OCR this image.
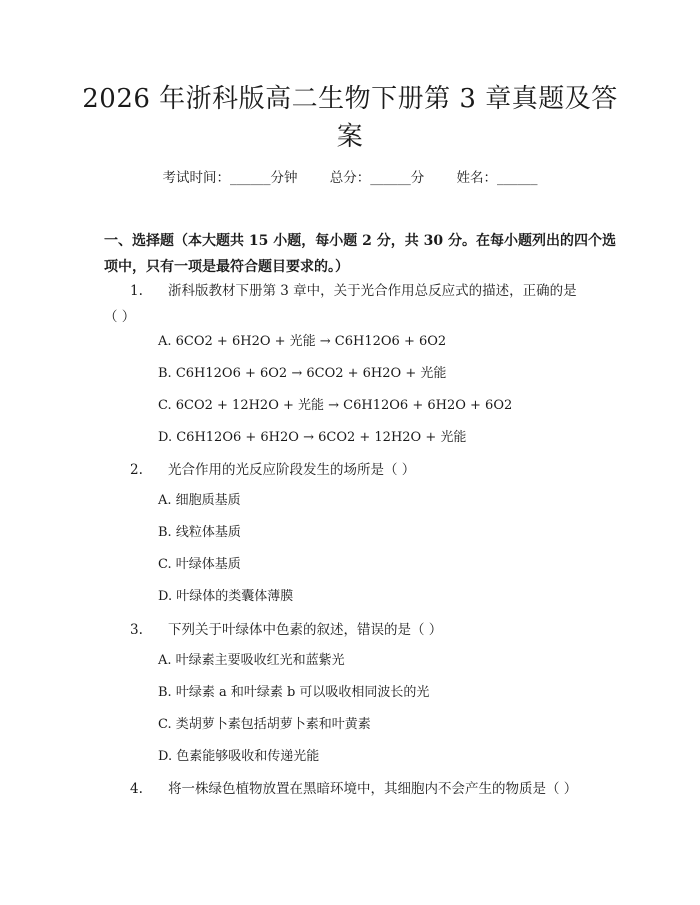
2026 年浙科版高二生物下册第 3 章真题及答
案
考试时间：______分钟 总分：______分 姓名：______
一、选择题（本大题共 15 小题，每小题 2 分，共 30 分。在每小题列出的四个选
项中，只有一项是最符合题目要求的。）
1. 浙科版教材下册第 3 章中，关于光合作用总反应式的描述，正确的是
（ ）
A. 6CO2 + 6H2O + 光能 → C6H12O6 + 6O2
B. C6H12O6 + 6O2 → 6CO2 + 6H2O + 光能
C. 6CO2 + 12H2O + 光能 → C6H12O6 + 6H2O + 6O2
D. C6H12O6 + 6H2O → 6CO2 + 12H2O + 光能
2. 光合作用的光反应阶段发生的场所是（ ）
A. 细胞质基质
B. 线粒体基质
C. 叶绿体基质
D. 叶绿体的类囊体薄膜
3. 下列关于叶绿体中色素的叙述，错误的是（ ）
A. 叶绿素主要吸收红光和蓝紫光
B. 叶绿素 a 和叶绿素 b 可以吸收相同波长的光
C. 类胡萝卜素包括胡萝卜素和叶黄素
D. 色素能够吸收和传递光能
4. 将一株绿色植物放置在黑暗环境中，其细胞内不会产生的物质是（ ）
